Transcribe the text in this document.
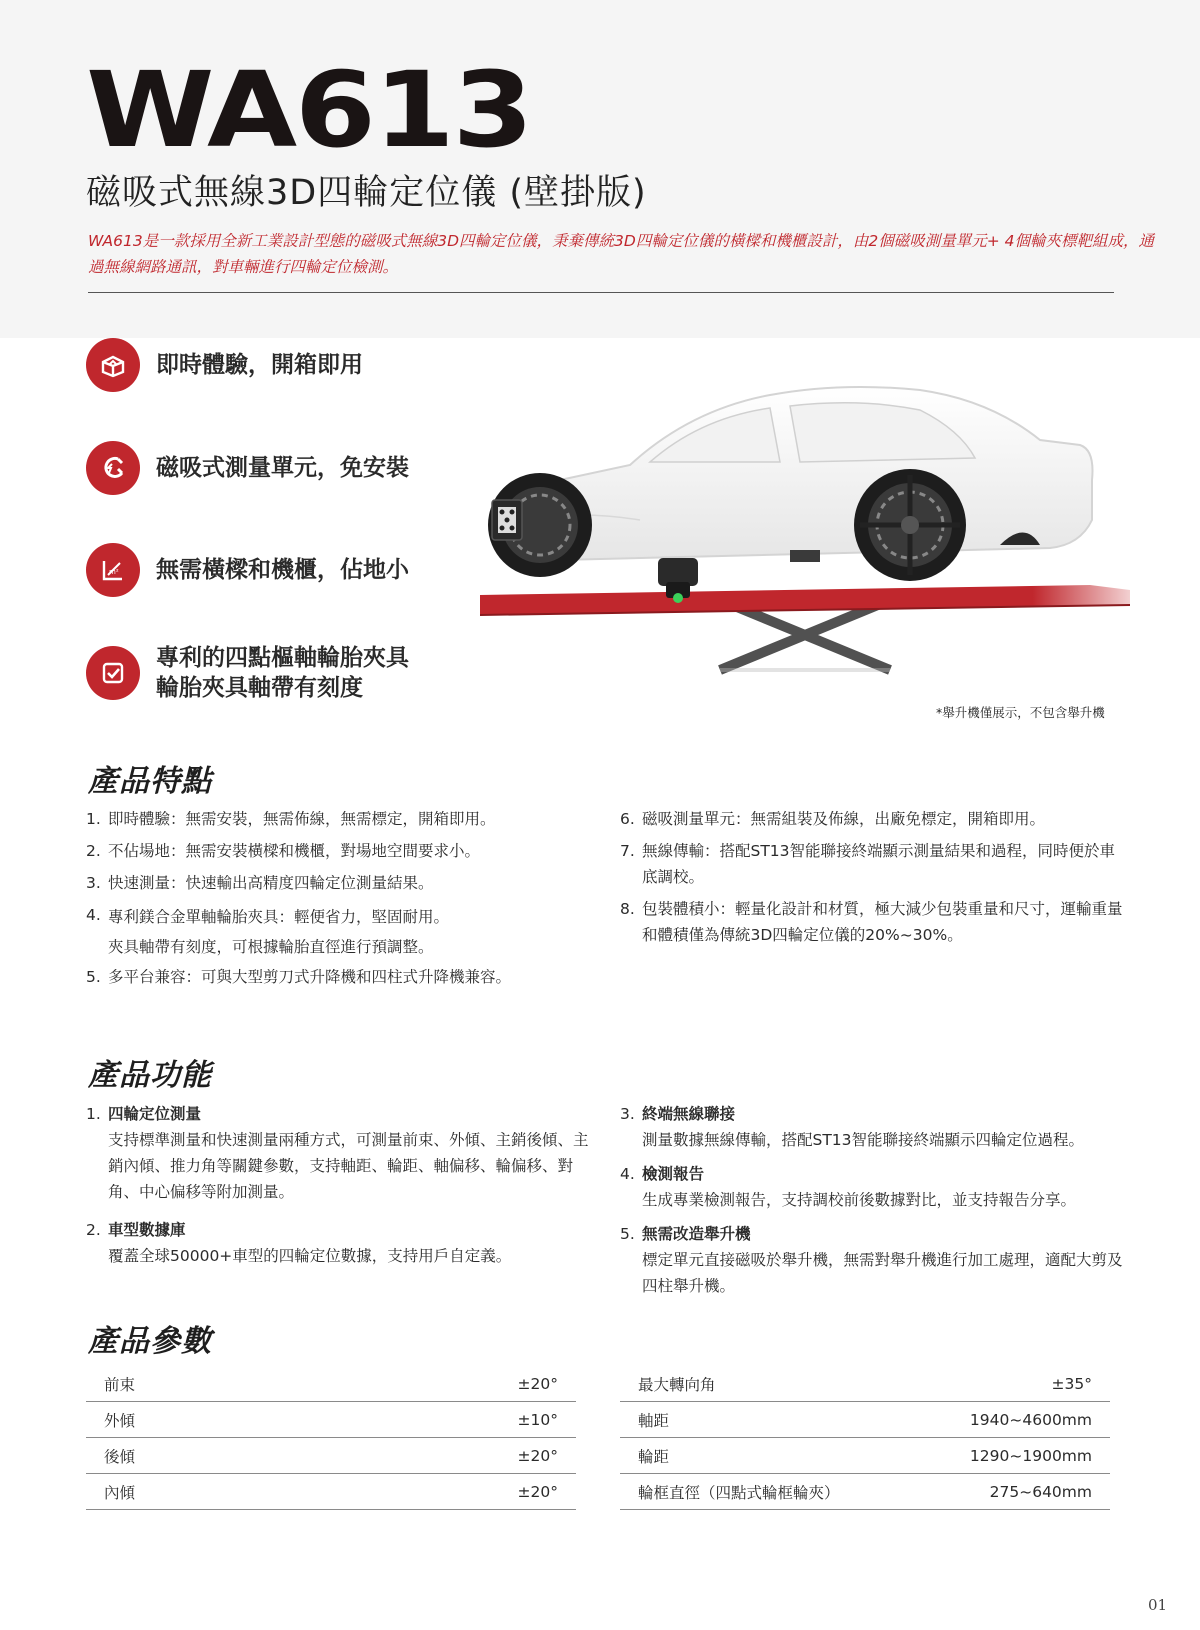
WA613
磁吸式無線3D四輪定位儀 (壁掛版)
WA613是一款採用全新工業設計型態的磁吸式無線3D四輪定位儀，秉棄傳統3D四輪定位儀的橫樑和機櫃設計，由2個磁吸測量單元+ 4個輪夾標靶組成，通過無線網路通訊，對車輛進行四輪定位檢測。
即時體驗，開箱即用
磁吸式測量單元，免安裝
m² 無需橫樑和機櫃，佔地小
專利的四點樞軸輪胎夾具
輪胎夾具軸帶有刻度
*舉升機僅展示，不包含舉升機
產品特點
1. 即時體驗：無需安裝，無需佈線，無需標定，開箱即用。
2. 不佔場地：無需安裝橫樑和機櫃，對場地空間要求小。
3. 快速測量：快速輸出高精度四輪定位測量結果。
4. 專利鎂合金單軸輪胎夾具：輕便省力，堅固耐用。
夾具軸帶有刻度，可根據輪胎直徑進行預調整。
5. 多平台兼容：可與大型剪刀式升降機和四柱式升降機兼容。
6. 磁吸測量單元：無需組裝及佈線，出廠免標定，開箱即用。
7. 無線傳輸：搭配ST13智能聯接終端顯示測量結果和過程，同時便於車底調校。
8. 包裝體積小：輕量化設計和材質，極大減少包裝重量和尺寸，運輸重量和體積僅為傳統3D四輪定位儀的20%~30%。
產品功能
1. 四輪定位測量
支持標準測量和快速測量兩種方式，可測量前束、外傾、主銷後傾、主銷內傾、推力角等關鍵參數，支持軸距、輪距、軸偏移、輪偏移、對角、中心偏移等附加測量。
2. 車型數據庫
覆蓋全球50000+車型的四輪定位數據，支持用戶自定義。
3. 終端無線聯接
測量數據無線傳輸，搭配ST13智能聯接終端顯示四輪定位過程。
4. 檢測報告
生成專業檢測報告，支持調校前後數據對比，並支持報告分享。
5. 無需改造舉升機
標定單元直接磁吸於舉升機，無需對舉升機進行加工處理，適配大剪及四柱舉升機。
產品參數
前束	±20°
外傾	±10°
後傾	±20°
內傾	±20°
最大轉向角	±35°
軸距	1940~4600mm
輪距	1290~1900mm
輪框直徑（四點式輪框輪夾）	275~640mm
01
